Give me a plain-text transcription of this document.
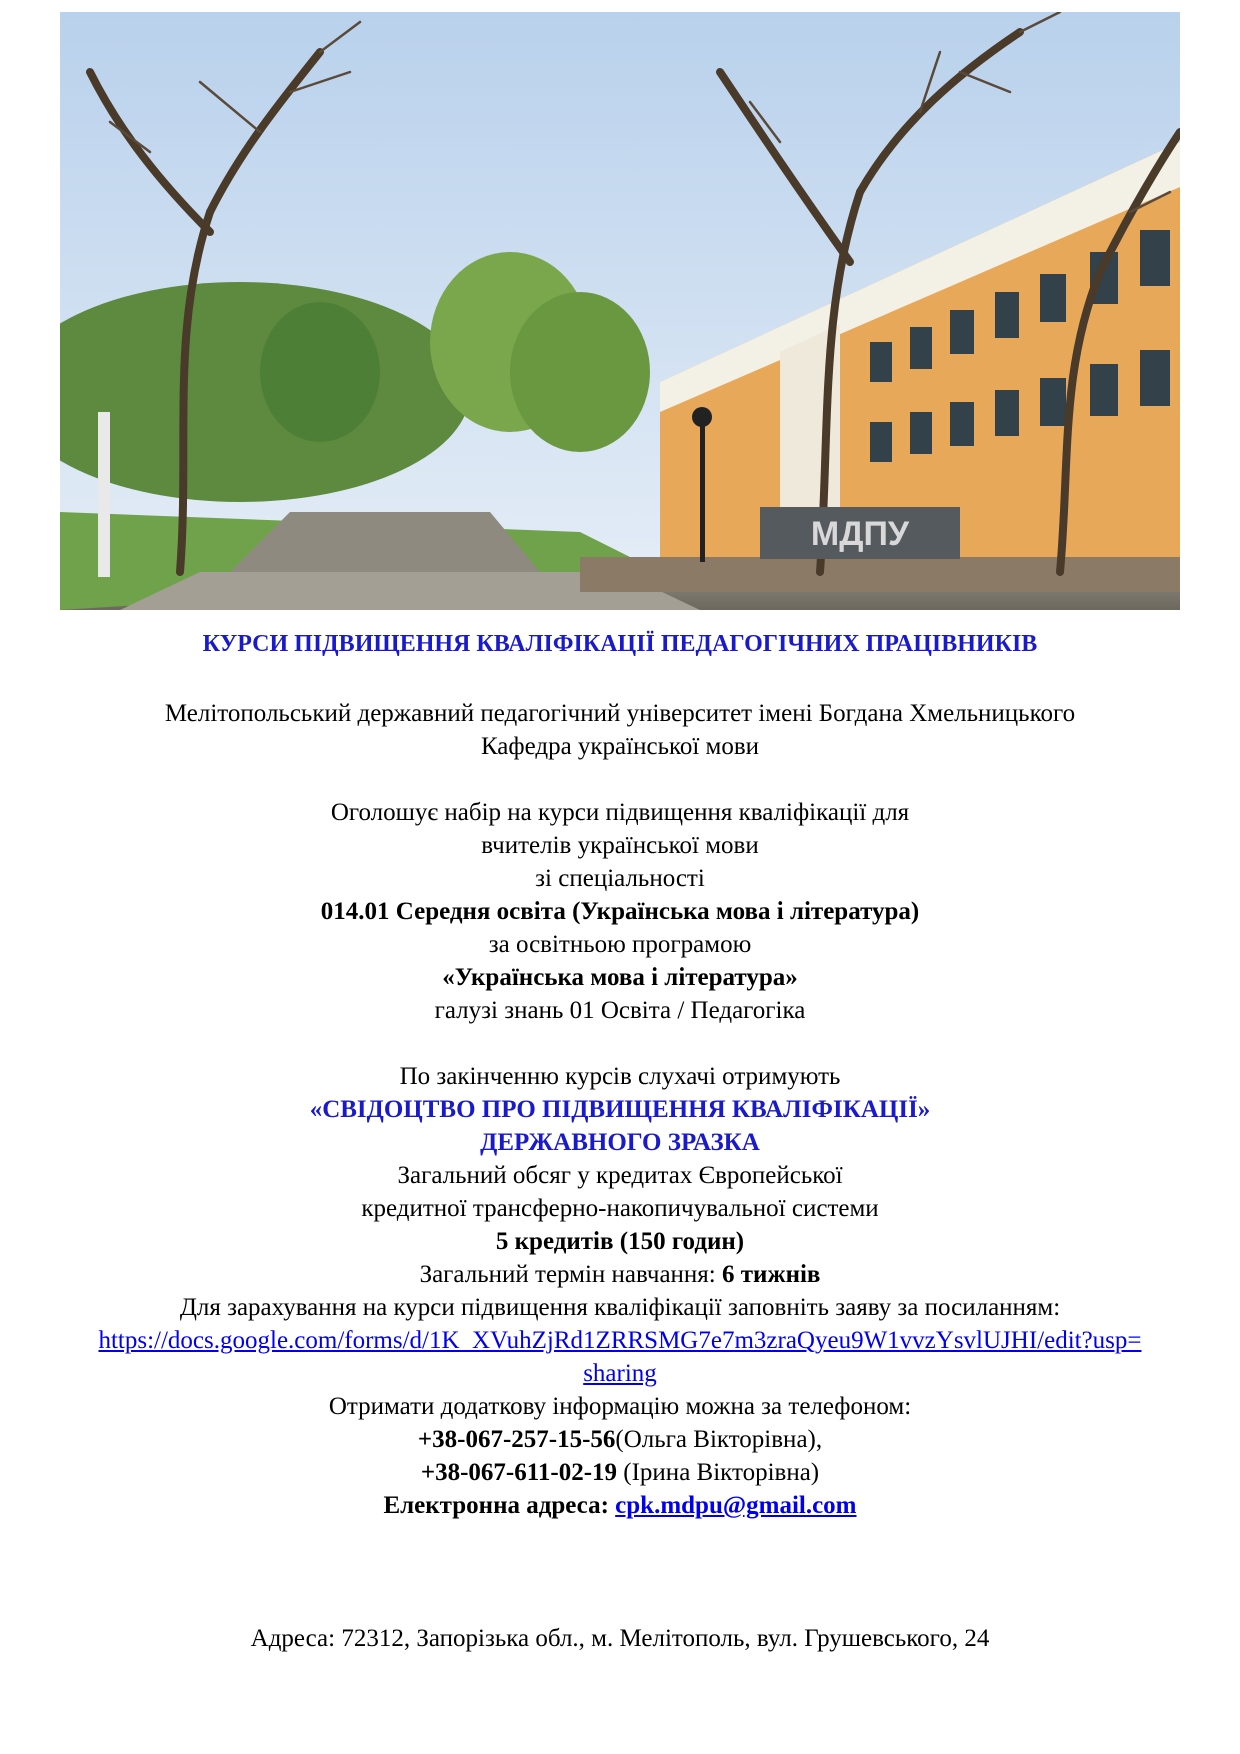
МДПУ
КУРСИ ПІДВИЩЕННЯ КВАЛІФІКАЦІЇ ПЕДАГОГІЧНИХ ПРАЦІВНИКІВ
Мелітопольський державний педагогічний університет імені Богдана Хмельницького
Кафедра української мови
Оголошує набір на курси підвищення кваліфікації для
вчителів української мови
зі спеціальності
014.01 Середня освіта (Українська мова і література)
за освітньою програмою
«Українська мова і література»
галузі знань 01 Освіта / Педагогіка
По закінченню курсів слухачі отримують
«СВІДОЦТВО ПРО ПІДВИЩЕННЯ КВАЛІФІКАЦІЇ»
ДЕРЖАВНОГО ЗРАЗКА
Загальний обсяг у кредитах Європейської
кредитної трансферно-накопичувальної системи
5 кредитів (150 годин)
Загальний термін навчання: 6 тижнів
Для зарахування на курси підвищення кваліфікації заповніть заяву за посиланням:
https://docs.google.com/forms/d/1K_XVuhZjRd1ZRRSMG7e7m3zraQyeu9W1vvzYsvlUJHI/edit?usp=
sharing
Отримати додаткову інформацію можна за телефоном:
+38-067-257-15-56(Ольга Вікторівна),
+38-067-611-02-19 (Ірина Вікторівна)
Електронна адреса: cpk.mdpu@gmail.com
Адреса: 72312, Запорізька обл., м. Мелітополь, вул. Грушевського, 24
